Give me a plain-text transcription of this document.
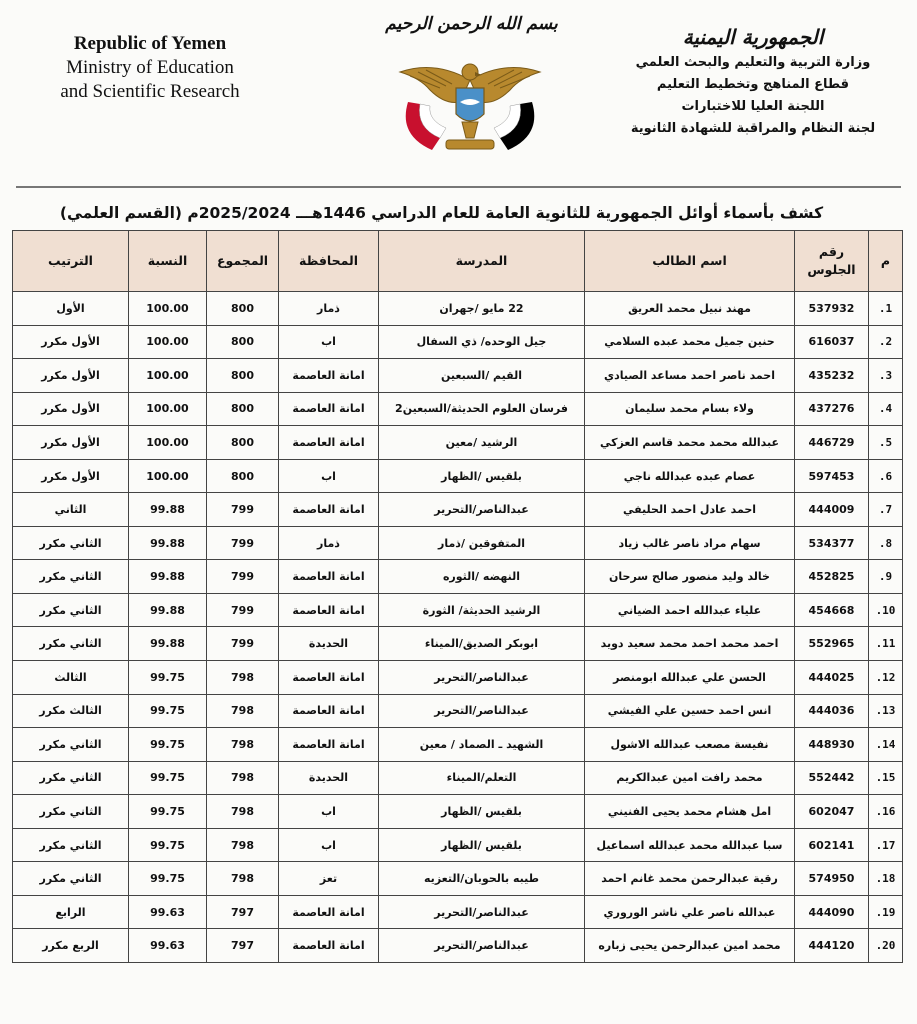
Republic of Yemen
Ministry of Education
and Scientific Research
بسم الله الرحمن الرحيم
الجمهورية اليمنية
وزارة التربية والتعليم والبحث العلمي
قطاع المناهج وتخطيط التعليم
اللجنة العليا للاختبارات
لجنة النظام والمراقبة للشهادة الثانوية
كشف بأسماء أوائل الجمهورية للثانوية العامة للعام الدراسي 1446هـــ 2025/2024م (القسم العلمي)
م	رقم الجلوس	اسم الطالب	المدرسة	المحافظة	المجموع	النسبة	الترتيب
.1	537932	مهند نبيل محمد العريق	22 مايو /جهران	ذمار	800	100.00	الأول
.2	616037	حنين جميل محمد عبده السلامي	جيل الوحده/ ذي السفال	اب	800	100.00	الأول مكرر
.3	435232	احمد ناصر احمد مساعد الصيادي	القيم /السبعين	امانة العاصمة	800	100.00	الأول مكرر
.4	437276	ولاء بسام محمد سليمان	فرسان العلوم الحديثة/السبعين2	امانة العاصمة	800	100.00	الأول مكرر
.5	446729	عبدالله محمد محمد قاسم العزكي	الرشيد /معين	امانة العاصمة	800	100.00	الأول مكرر
.6	597453	عصام عبده عبدالله ناجي	بلقيس /الظهار	اب	800	100.00	الأول مكرر
.7	444009	احمد عادل احمد الحليفي	عبدالناصر/التحرير	امانة العاصمة	799	99.88	الثاني
.8	534377	سهام مراد ناصر غالب زياد	المتفوقين /ذمار	ذمار	799	99.88	الثاني مكرر
.9	452825	خالد وليد منصور صالح سرحان	النهضه /الثوره	امانة العاصمة	799	99.88	الثاني مكرر
.10	454668	علياء عبدالله احمد الضياني	الرشيد الحديثة/ الثورة	امانة العاصمة	799	99.88	الثاني مكرر
.11	552965	احمد محمد احمد محمد سعيد دويد	ابوبكر الصديق/الميناء	الحديدة	799	99.88	الثاني مكرر
.12	444025	الحسن علي عبدالله ابومنصر	عبدالناصر/التحرير	امانة العاصمة	798	99.75	الثالث
.13	444036	انس احمد حسين علي الفيشي	عبدالناصر/التحرير	امانة العاصمة	798	99.75	الثالث مكرر
.14	448930	نفيسة مصعب عبدالله الاشول	الشهيد ـ الصماد / معين	امانة العاصمة	798	99.75	الثاني مكرر
.15	552442	محمد رافت امين عبدالكريم	التعلم/الميناء	الحديدة	798	99.75	الثاني مكرر
.16	602047	امل هشام محمد يحيى الفنيني	بلقيس /الظهار	اب	798	99.75	الثاني مكرر
.17	602141	سبا عبدالله محمد عبدالله اسماعيل	بلقيس /الظهار	اب	798	99.75	الثاني مكرر
.18	574950	رقية عبدالرحمن محمد غانم احمد	طيبه بالحوبان/التعزيه	تعز	798	99.75	الثاني مكرر
.19	444090	عبدالله ناصر علي ناشر الوروري	عبدالناصر/التحرير	امانة العاصمة	797	99.63	الرابع
.20	444120	محمد امين عبدالرحمن يحيى زباره	عبدالناصر/التحرير	امانة العاصمة	797	99.63	الربع مكرر
